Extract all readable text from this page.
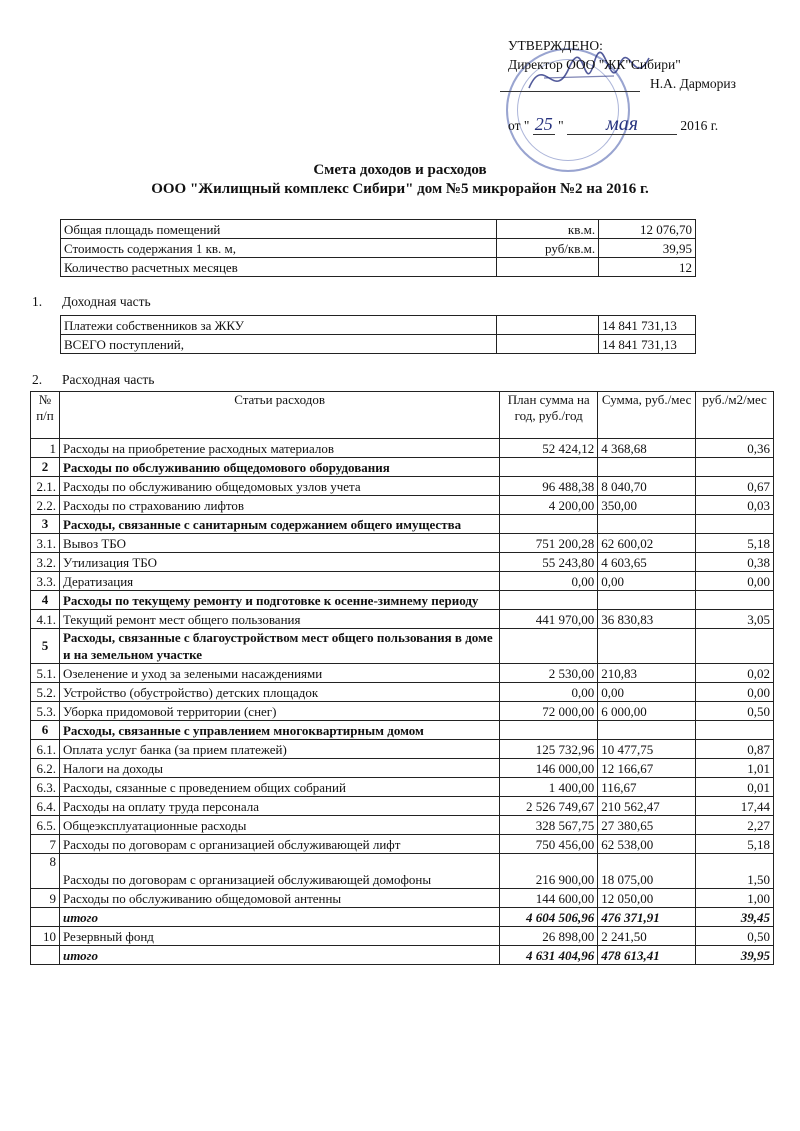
УТВЕРЖДЕНО:
Директор ООО "ЖК"Сибири"
Н.А. Дармориз
от " 25 " мая	2016 г.
Смета доходов и расходов
ООО "Жилищный комплекс Сибири" дом №5 микрорайон №2 на 2016 г.
Общая площадь помещений	кв.м.	12 076,70
Стоимость содержания 1 кв. м,	руб/кв.м.	39,95
Количество расчетных месяцев		12
1. Доходная часть
Платежи собственников за ЖКУ		14 841 731,13
ВСЕГО поступлений,		14 841 731,13
2. Расходная часть
№ п/п	Статьи расходов	План сумма на год, руб./год	Сумма, руб./мес	руб./м2/мес
1	Расходы на приобретение расходных материалов	52 424,12	4 368,68	0,36
2	Расходы по обслуживанию общедомового оборудования			
2.1.	Расходы по обслуживанию общедомовых узлов учета	96 488,38	8 040,70	0,67
2.2.	Расходы по страхованию лифтов	4 200,00	350,00	0,03
3	Расходы, связанные с санитарным содержанием общего имущества			
3.1.	Вывоз ТБО	751 200,28	62 600,02	5,18
3.2.	Утилизация ТБО	55 243,80	4 603,65	0,38
3.3.	Дератизация	0,00	0,00	0,00
4	Расходы по текущему ремонту и подготовке к осенне-зимнему периоду			
4.1.	Текущий ремонт мест общего пользования	441 970,00	36 830,83	3,05
5	Расходы, связанные с благоустройством мест общего пользования в доме и на земельном участке			
5.1.	Озеленение и уход за зелеными насаждениями	2 530,00	210,83	0,02
5.2.	Устройство (обустройство) детских площадок	0,00	0,00	0,00
5.3.	Уборка придомовой территории (снег)	72 000,00	6 000,00	0,50
6	Расходы, связанные с управлением многоквартирным домом			
6.1.	Оплата услуг банка (за прием платежей)	125 732,96	10 477,75	0,87
6.2.	Налоги на доходы	146 000,00	12 166,67	1,01
6.3.	Расходы, сязанные с проведением общих собраний	1 400,00	116,67	0,01
6.4.	Расходы на оплату труда персонала	2 526 749,67	210 562,47	17,44
6.5.	Общеэксплуатационные расходы	328 567,75	27 380,65	2,27
7	Расходы по договорам с организацией обслуживающей лифт	750 456,00	62 538,00	5,18
8	Расходы по договорам с организацией обслуживающей домофоны	216 900,00	18 075,00	1,50
9	Расходы по обслуживанию общедомовой антенны	144 600,00	12 050,00	1,00
	итого	4 604 506,96	476 371,91	39,45
10	Резервный фонд	26 898,00	2 241,50	0,50
	итого	4 631 404,96	478 613,41	39,95
